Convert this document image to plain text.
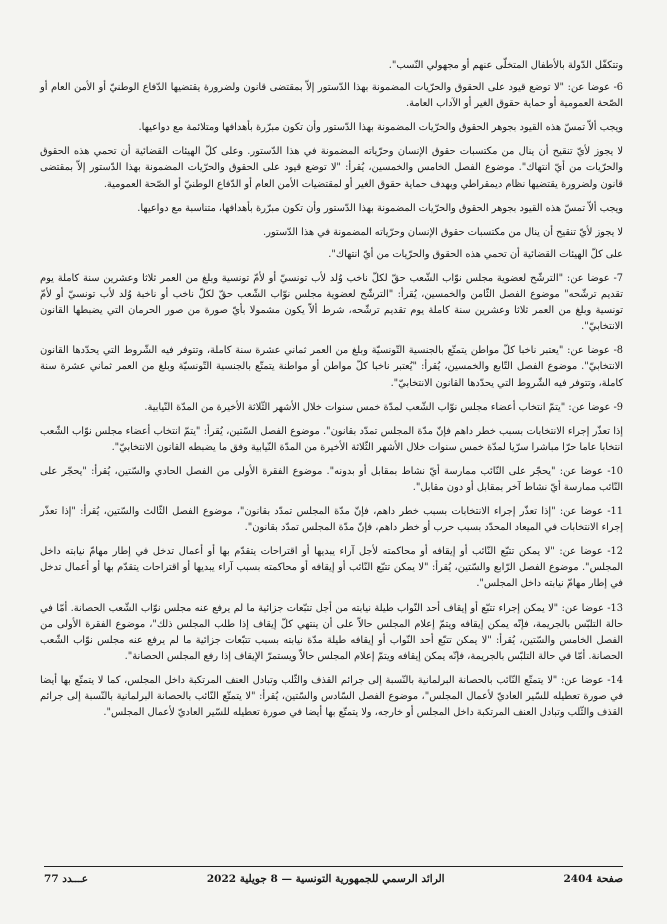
وتتكفّل الدّولة بالأطفال المتخلّى عنهم أو مجهولي النّسب".

6- عوضا عن: "لا توضع قيود على الحقوق والحرّيات المضمونة بهذا الدّستور إلاّ بمقتضى قانون ولضرورة يقتضيها الدّفاع الوطنيّ أو الأمن العام أو الصّحة العمومية أو حماية حقوق الغير أو الآداب العامة.

ويجب ألاّ تمسّ هذه القيود بجوهر الحقوق والحرّيات المضمونة بهذا الدّستور وأن تكون مبرّرة بأهدافها ومتلائمة مع دواعيها.

لا يجوز لأيّ تنقيح أن ينال من مكتسبات حقوق الإنسان وحرّياته المضمونة في هذا الدّستور. وعلى كلّ الهيئات القضائية أن تحمي هذه الحقوق والحرّيات من أيّ انتهاك". موضوع الفصل الخامس والخمسين، يُقرأ: "لا توضع قيود على الحقوق والحرّيات المضمونة بهذا الدّستور إلاّ بمقتضى قانون ولضرورة يقتضيها نظام ديمقراطي وبهدف حماية حقوق الغير أو لمقتضيات الأمن العام أو الدّفاع الوطنيّ أو الصّحة العمومية.

ويجب ألاّ تمسّ هذه القيود بجوهر الحقوق والحرّيات المضمونة بهذا الدّستور وأن تكون مبرّرة بأهدافها، متناسبة مع دواعيها.

لا يجوز لأيّ تنقيح أن ينال من مكتسبات حقوق الإنسان وحرّياته المضمونة في هذا الدّستور.

على كلّ الهيئات القضائية أن تحمي هذه الحقوق والحرّيات من أيّ انتهاك".

7- عوضا عن: "الترشّح لعضوية مجلس نوّاب الشّعب حقّ لكلّ ناخب وُلد لأب تونسيّ أو لأمّ تونسية وبلغ من العمر ثلاثا وعشرين سنة كاملة يوم تقديم ترشّحه" موضوع الفصل الثّامن والخمسين، يُقرأ: "الترشّح لعضوية مجلس نوّاب الشّعب حقّ لكلّ ناخب أو ناخبة وُلد لأب تونسيّ أو لأمّ تونسية وبلغ من العمر ثلاثا وعشرين سنة كاملة يوم تقديم ترشّحه، شرط ألاّ يكون مشمولا بأيّ صورة من صور الحرمان التي يضبطها القانون الانتخابيّ".

8- عوضا عن: "يعتبر ناخبا كلّ مواطن يتمتّع بالجنسية التّونسيّة وبلغ من العمر ثماني عشرة سنة كاملة، وتتوفر فيه الشّروط التي يحدّدها القانون الانتخابيّ". موضوع الفصل التّابع والخمسين، يُقرأ: "يُعتبر ناخبا كلّ مواطن أو مواطنة يتمتّع بالجنسية التّونسيّة وبلغ من العمر ثماني عشرة سنة كاملة، وتتوفر فيه الشّروط التي يحدّدها القانون الانتخابيّ".

9- عوضا عن: "يتمّ انتخاب أعضاء مجلس نوّاب الشّعب لمدّة خمس سنوات خلال الأشهر الثّلاثة الأخيرة من المدّة النّيابية.

إذا تعذّر إجراء الانتخابات بسبب خطر داهم فإنّ مدّة المجلس تمدّد بقانون". موضوع الفصل السّتين، يُقرأ: "يتمّ انتخاب أعضاء مجلس نوّاب الشّعب انتخابا عاما حرّا مباشرا سرّيا لمدّة خمس سنوات خلال الأشهر الثّلاثة الأخيرة من المدّة النّيابية وفق ما يضبطه القانون الانتخابيّ".

10- عوضا عن: "يحجّر على النّائب ممارسة أيّ نشاط بمقابل أو بدونه". موضوع الفقرة الأولى من الفصل الحادي والسّتين، يُقرأ: "يحجّر على النّائب ممارسة أيّ نشاط آخر بمقابل أو دون مقابل".

11- عوضا عن: "إذا تعذّر إجراء الانتخابات بسبب خطر داهم، فإنّ مدّة المجلس تمدّد بقانون"، موضوع الفصل الثّالث والسّتين، يُقرأ: "إذا تعذّر إجراء الانتخابات في الميعاد المحدّد بسبب حرب أو خطر داهم، فإنّ مدّة المجلس تمدّد بقانون".

12- عوضا عن: "لا يمكن تتبّع النّائب أو إيقافه أو محاكمته لأجل آراء يبديها أو اقتراحات يتقدّم بها أو أعمال تدخل في إطار مهامّ نيابته داخل المجلس". موضوع الفصل الرّابع والسّتين، يُقرأ: "لا يمكن تتبّع النّائب أو إيقافه أو محاكمته بسبب آراء يبديها أو اقتراحات يتقدّم بها أو أعمال تدخل في إطار مهامّ نيابته داخل المجلس".

13- عوضا عن: "لا يمكن إجراء تتبّع أو إيقاف أحد النّواب طيلة نيابته من أجل تتبّعات جزائية ما لم يرفع عنه مجلس نوّاب الشّعب الحصانة. أمّا في حالة التلبّس بالجريمة، فإنّه يمكن إيقافه ويتمّ إعلام المجلس حالاّ على أن ينتهي كلّ إيقاف إذا طلب المجلس ذلك"، موضوع الفقرة الأولى من الفصل الخامس والسّتين، يُقرأ: "لا يمكن تتبّع أحد النّواب أو إيقافه طيلة مدّة نيابته بسبب تتبّعات جزائية ما لم يرفع عنه مجلس نوّاب الشّعب الحصانة. أمّا في حالة التلبّس بالجريمة، فإنّه يمكن إيقافه ويتمّ إعلام المجلس حالاّ ويستمرّ الإيقاف إذا رفع المجلس الحصانة".

14- عوضا عن: "لا يتمتّع النّائب بالحصانة البرلمانية بالنّسبة إلى جرائم القذف والثّلب وتبادل العنف المرتكبة داخل المجلس، كما لا يتمتّع بها أيضا في صورة تعطيله للسّير العاديّ لأعمال المجلس"، موضوع الفصل السّادس والسّتين، يُقرأ: "لا يتمتّع النّائب بالحصانة البرلمانية بالنّسبة إلى جرائم القذف والثّلب وتبادل العنف المرتكبة داخل المجلس أو خارجه، ولا يتمتّع بها أيضا في صورة تعطيله للسّير العاديّ لأعمال المجلس".

صفحة 2404
الرائد الرسمي للجمهورية التونسية — 8 جويلية 2022
عـــدد 77
